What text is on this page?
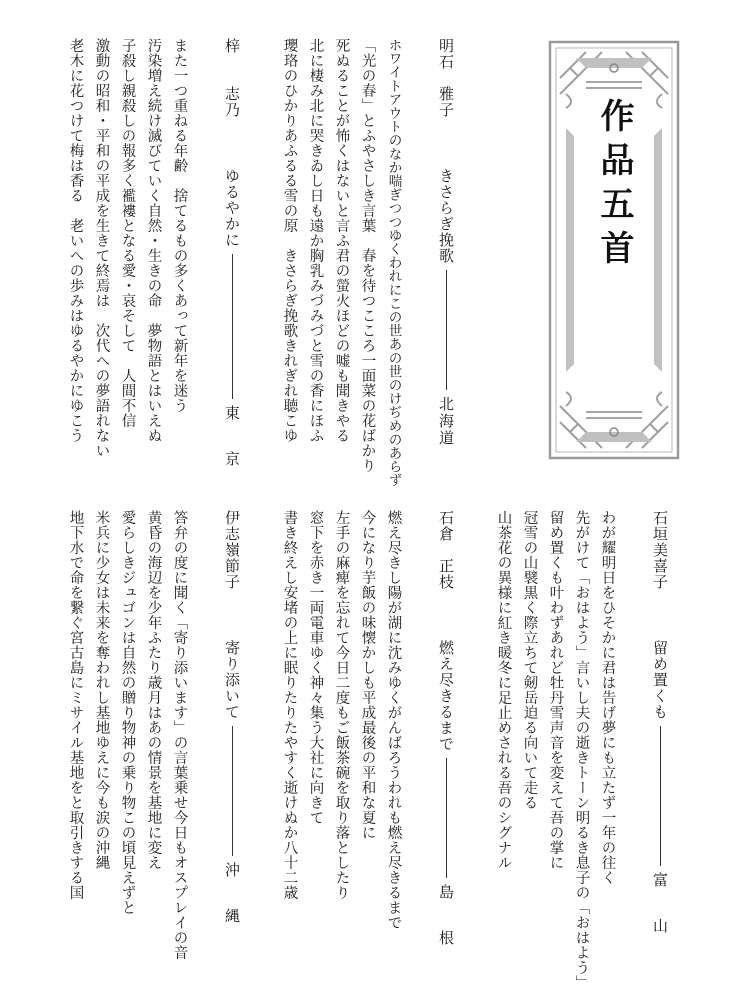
作品五首
石垣美喜子
留め置くも富　山
わが耀明日をひそかに君は告げ夢にも立たず一年の往く
先がけて「おはよう」言いし夫の逝きトーン明るき息子の「おはよう」
留め置くも叶わずあれど牡丹雪声音を変えて吾の掌に
冠雪の山襞黒く際立ちて剱岳迫る向いて走る
山茶花の異様に紅き暖冬に足止めされる吾のシグナル
石倉　正枝
燃え尽きるまで島　根
燃え尽きし陽が湖に沈みゆくがんばろうわれも燃え尽きるまで
今になり芋飯の味懐かしも平成最後の平和な夏に
左手の麻痺を忘れて今日二度もご飯茶碗を取り落としたり
窓下を赤き一両電車ゆく神々集う大社に向きて
書き終えし安堵の上に眠りたりたやすく逝けぬか八十二歳
伊志嶺節子
寄り添いて沖　縄
答弁の度に聞く「寄り添います」の言葉乗せ今日もオスプレイの音
黄昏の海辺を少年ふたり歳月はあの情景を基地に変え
愛らしきジュゴンは自然の贈り物神の乗り物この頃見えずと
米兵に少女は未来を奪われし基地ゆえに今も涙の沖縄
地下水で命を繋ぐ宮古島にミサイル基地をと取引きする国
明石　雅子
きさらぎ挽歌北海道
ホワイトアウトのなか喘ぎつつゆくわれにこの世あの世のけぢめのあらず
「光の春」とふやさしき言葉　春を待つこころ一面菜の花ばかり
死ぬることが怖くはないと言ふ君の螢火ほどの嘘も聞きやる
北に棲み北に哭きゐし日も遠か胸乳みづみづと雪の香にほふ
瓔珞のひかりあふるる雪の原　きさらぎ挽歌きれぎれ聴こゆ
梓　　志乃
ゆるやかに東　京
また一つ重ねる年齢　捨てるもの多くあって新年を迷う
汚染増え続け滅びていく自然・生きの命　夢物語とはいえぬ
子殺し親殺しの報多く襤褸となる愛・哀そして　人間不信
激動の昭和・平和の平成を生きて終焉は　次代への夢語れない
老木に花つけて梅は香る　老いへの歩みはゆるやかにゆこう
